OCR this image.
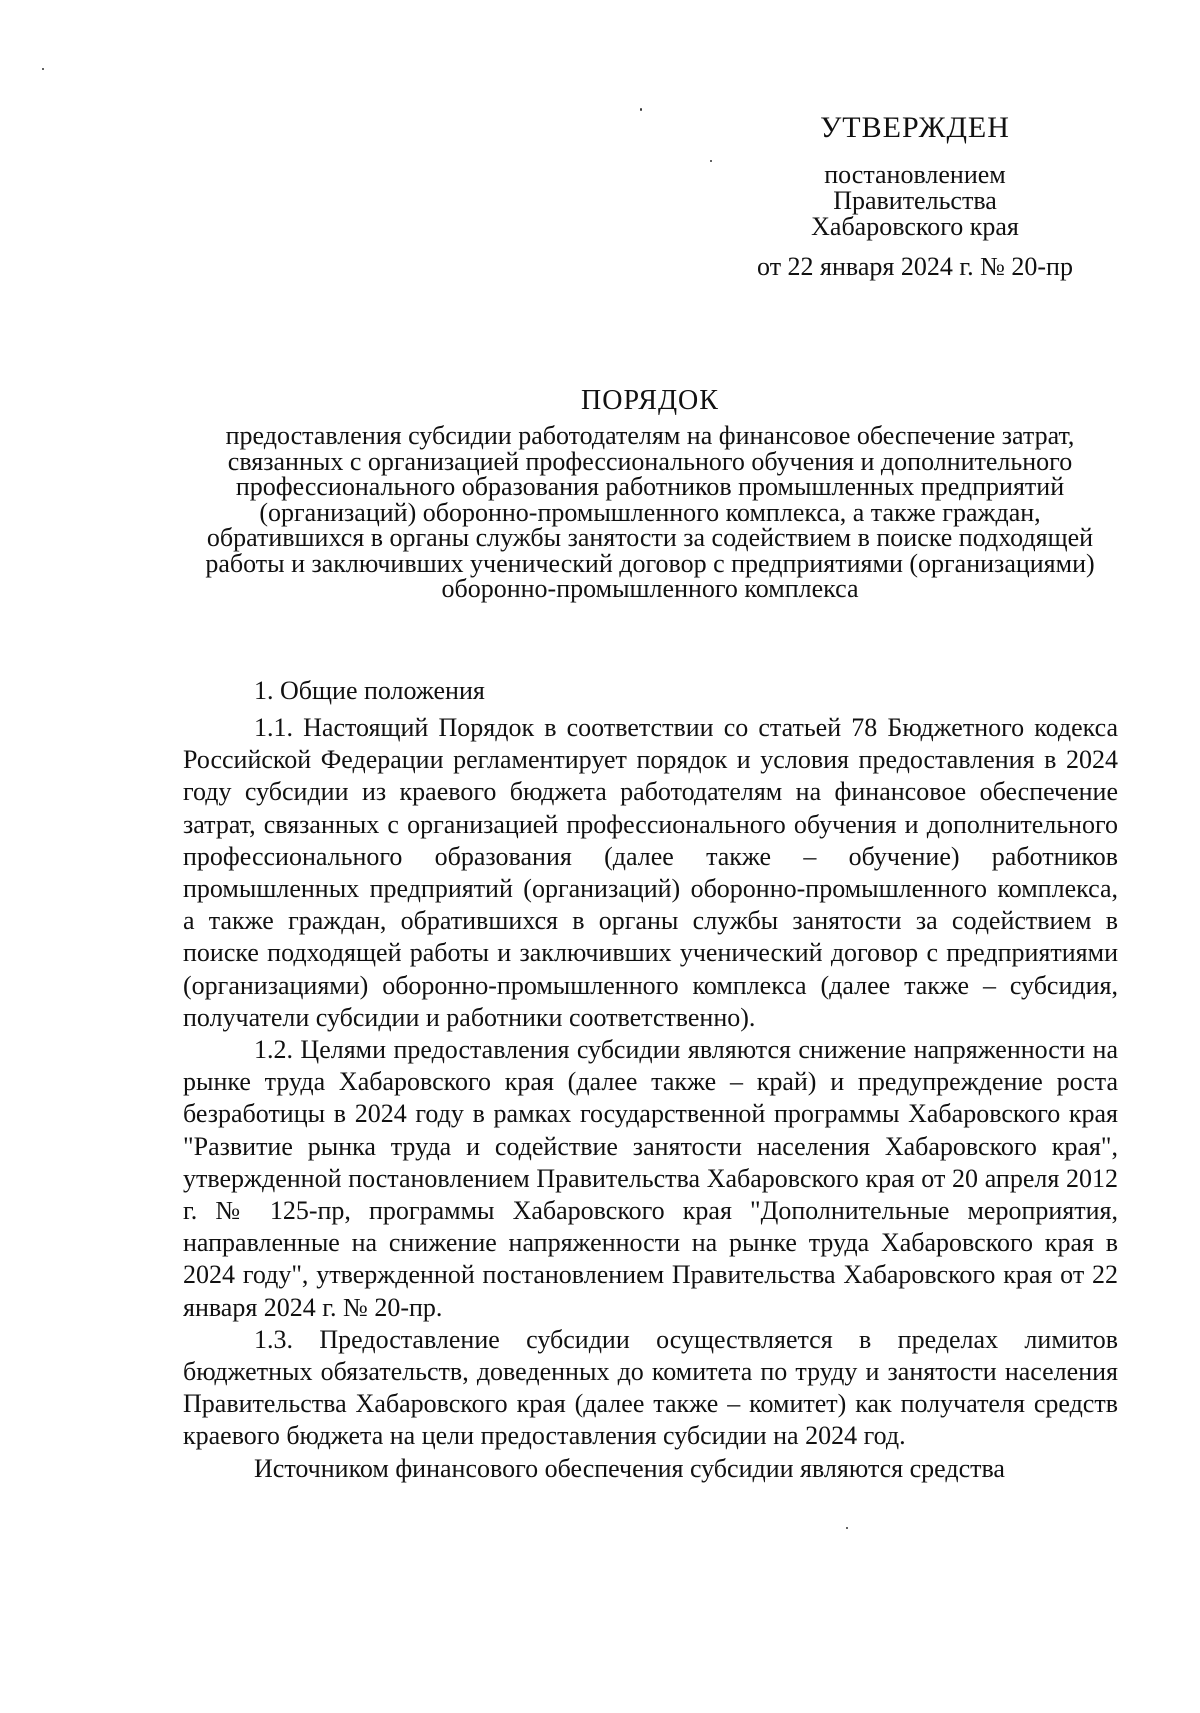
УТВЕРЖДЕН
постановлением
Правительства
Хабаровского края
от 22 января 2024 г. № 20-пр
ПОРЯДОК
предоставления субсидии работодателям на финансовое обеспечение затрат, связанных с организацией профессионального обучения и дополнительного профессионального образования работников промышленных предприятий (организаций) оборонно-промышленного комплекса, а также граждан, обратившихся в органы службы занятости за содействием в поиске подходящей работы и заключивших ученический договор с предприятиями (организациями) оборонно-промышленного комплекса
1. Общие положения

1.1. Настоящий Порядок в соответствии со статьей 78 Бюджетного кодекса Российской Федерации регламентирует порядок и условия предоставления в 2024 году субсидии из краевого бюджета работодателям на финансовое обеспечение затрат, связанных с организацией профессионального обучения и дополнительного профессионального образования (далее также – обучение) работников промышленных предприятий (организаций) оборонно-промышленного комплекса, а также граждан, обратившихся в органы службы занятости за содействием в поиске подходящей работы и заключивших ученический договор с предприятиями (организациями) оборонно-промышленного комплекса (далее также – субсидия, получатели субсидии и работники соответственно).

1.2. Целями предоставления субсидии являются снижение напряженности на рынке труда Хабаровского края (далее также – край) и предупреждение роста безработицы в 2024 году в рамках государственной программы Хабаровского края "Развитие рынка труда и содействие занятости населения Хабаровского края", утвержденной постановлением Правительства Хабаровского края от 20 апреля 2012 г. № 125-пр, программы Хабаровского края "Дополнительные мероприятия, направленные на снижение напряженности на рынке труда Хабаровского края в 2024 году", утвержденной постановлением Правительства Хабаровского края от 22 января 2024 г. № 20-пр.

1.3. Предоставление субсидии осуществляется в пределах лимитов бюджетных обязательств, доведенных до комитета по труду и занятости населения Правительства Хабаровского края (далее также – комитет) как получателя средств краевого бюджета на цели предоставления субсидии на 2024 год.

Источником финансового обеспечения субсидии являются средства
